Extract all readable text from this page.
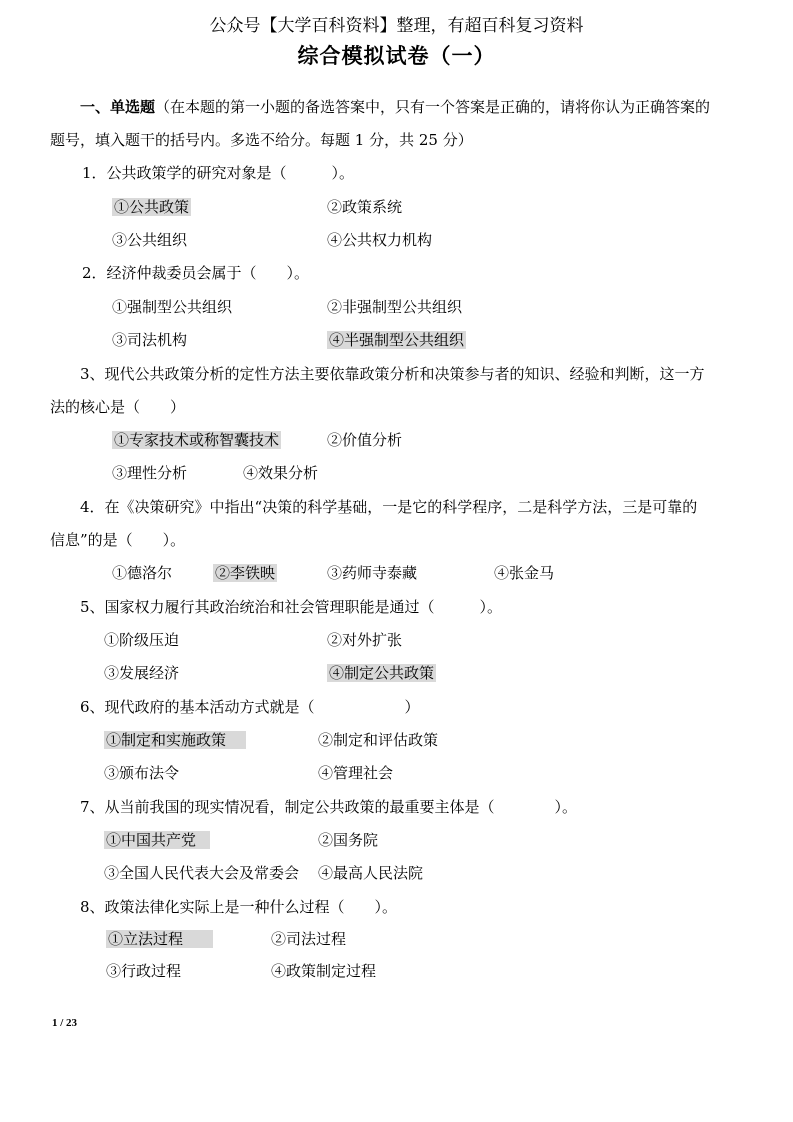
公众号【大学百科资料】整理，有超百科复习资料
综合模拟试卷（一）
一、单选题（在本题的第一小题的备选答案中，只有一个答案是正确的，请将你认为正确答案的
题号，填入题干的括号内。多选不给分。每题 1 分，共 25 分）
1．公共政策学的研究对象是（　　　）。
①公共政策	②政策系统
③公共组织	④公共权力机构
2．经济仲裁委员会属于（　　）。
①强制型公共组织	②非强制型公共组织
③司法机构	④半强制型公共组织
3、现代公共政策分析的定性方法主要依靠政策分析和决策参与者的知识、经验和判断，这一方
法的核心是（　　）
①专家技术或称智囊技术	②价值分析
③理性分析	④效果分析
4．在《决策研究》中指出“决策的科学基础，一是它的科学程序，二是科学方法，三是可靠的
信息”的是（　　）。
①德洛尔	②李铁映	③药师寺泰藏	④张金马
5、国家权力履行其政治统治和社会管理职能是通过（　　　）。
①阶级压迫	②对外扩张
③发展经济	④制定公共政策
6、现代政府的基本活动方式就是（　　　　　　）
①制定和实施政策	②制定和评估政策
③颁布法令	④管理社会
7、从当前我国的现实情况看，制定公共政策的最重要主体是（　　　　）。
①中国共产党	②国务院
③全国人民代表大会及常委会 ④最高人民法院
8、政策法律化实际上是一种什么过程（　　）。
①立法过程	②司法过程
③行政过程	④政策制定过程
1 / 23
